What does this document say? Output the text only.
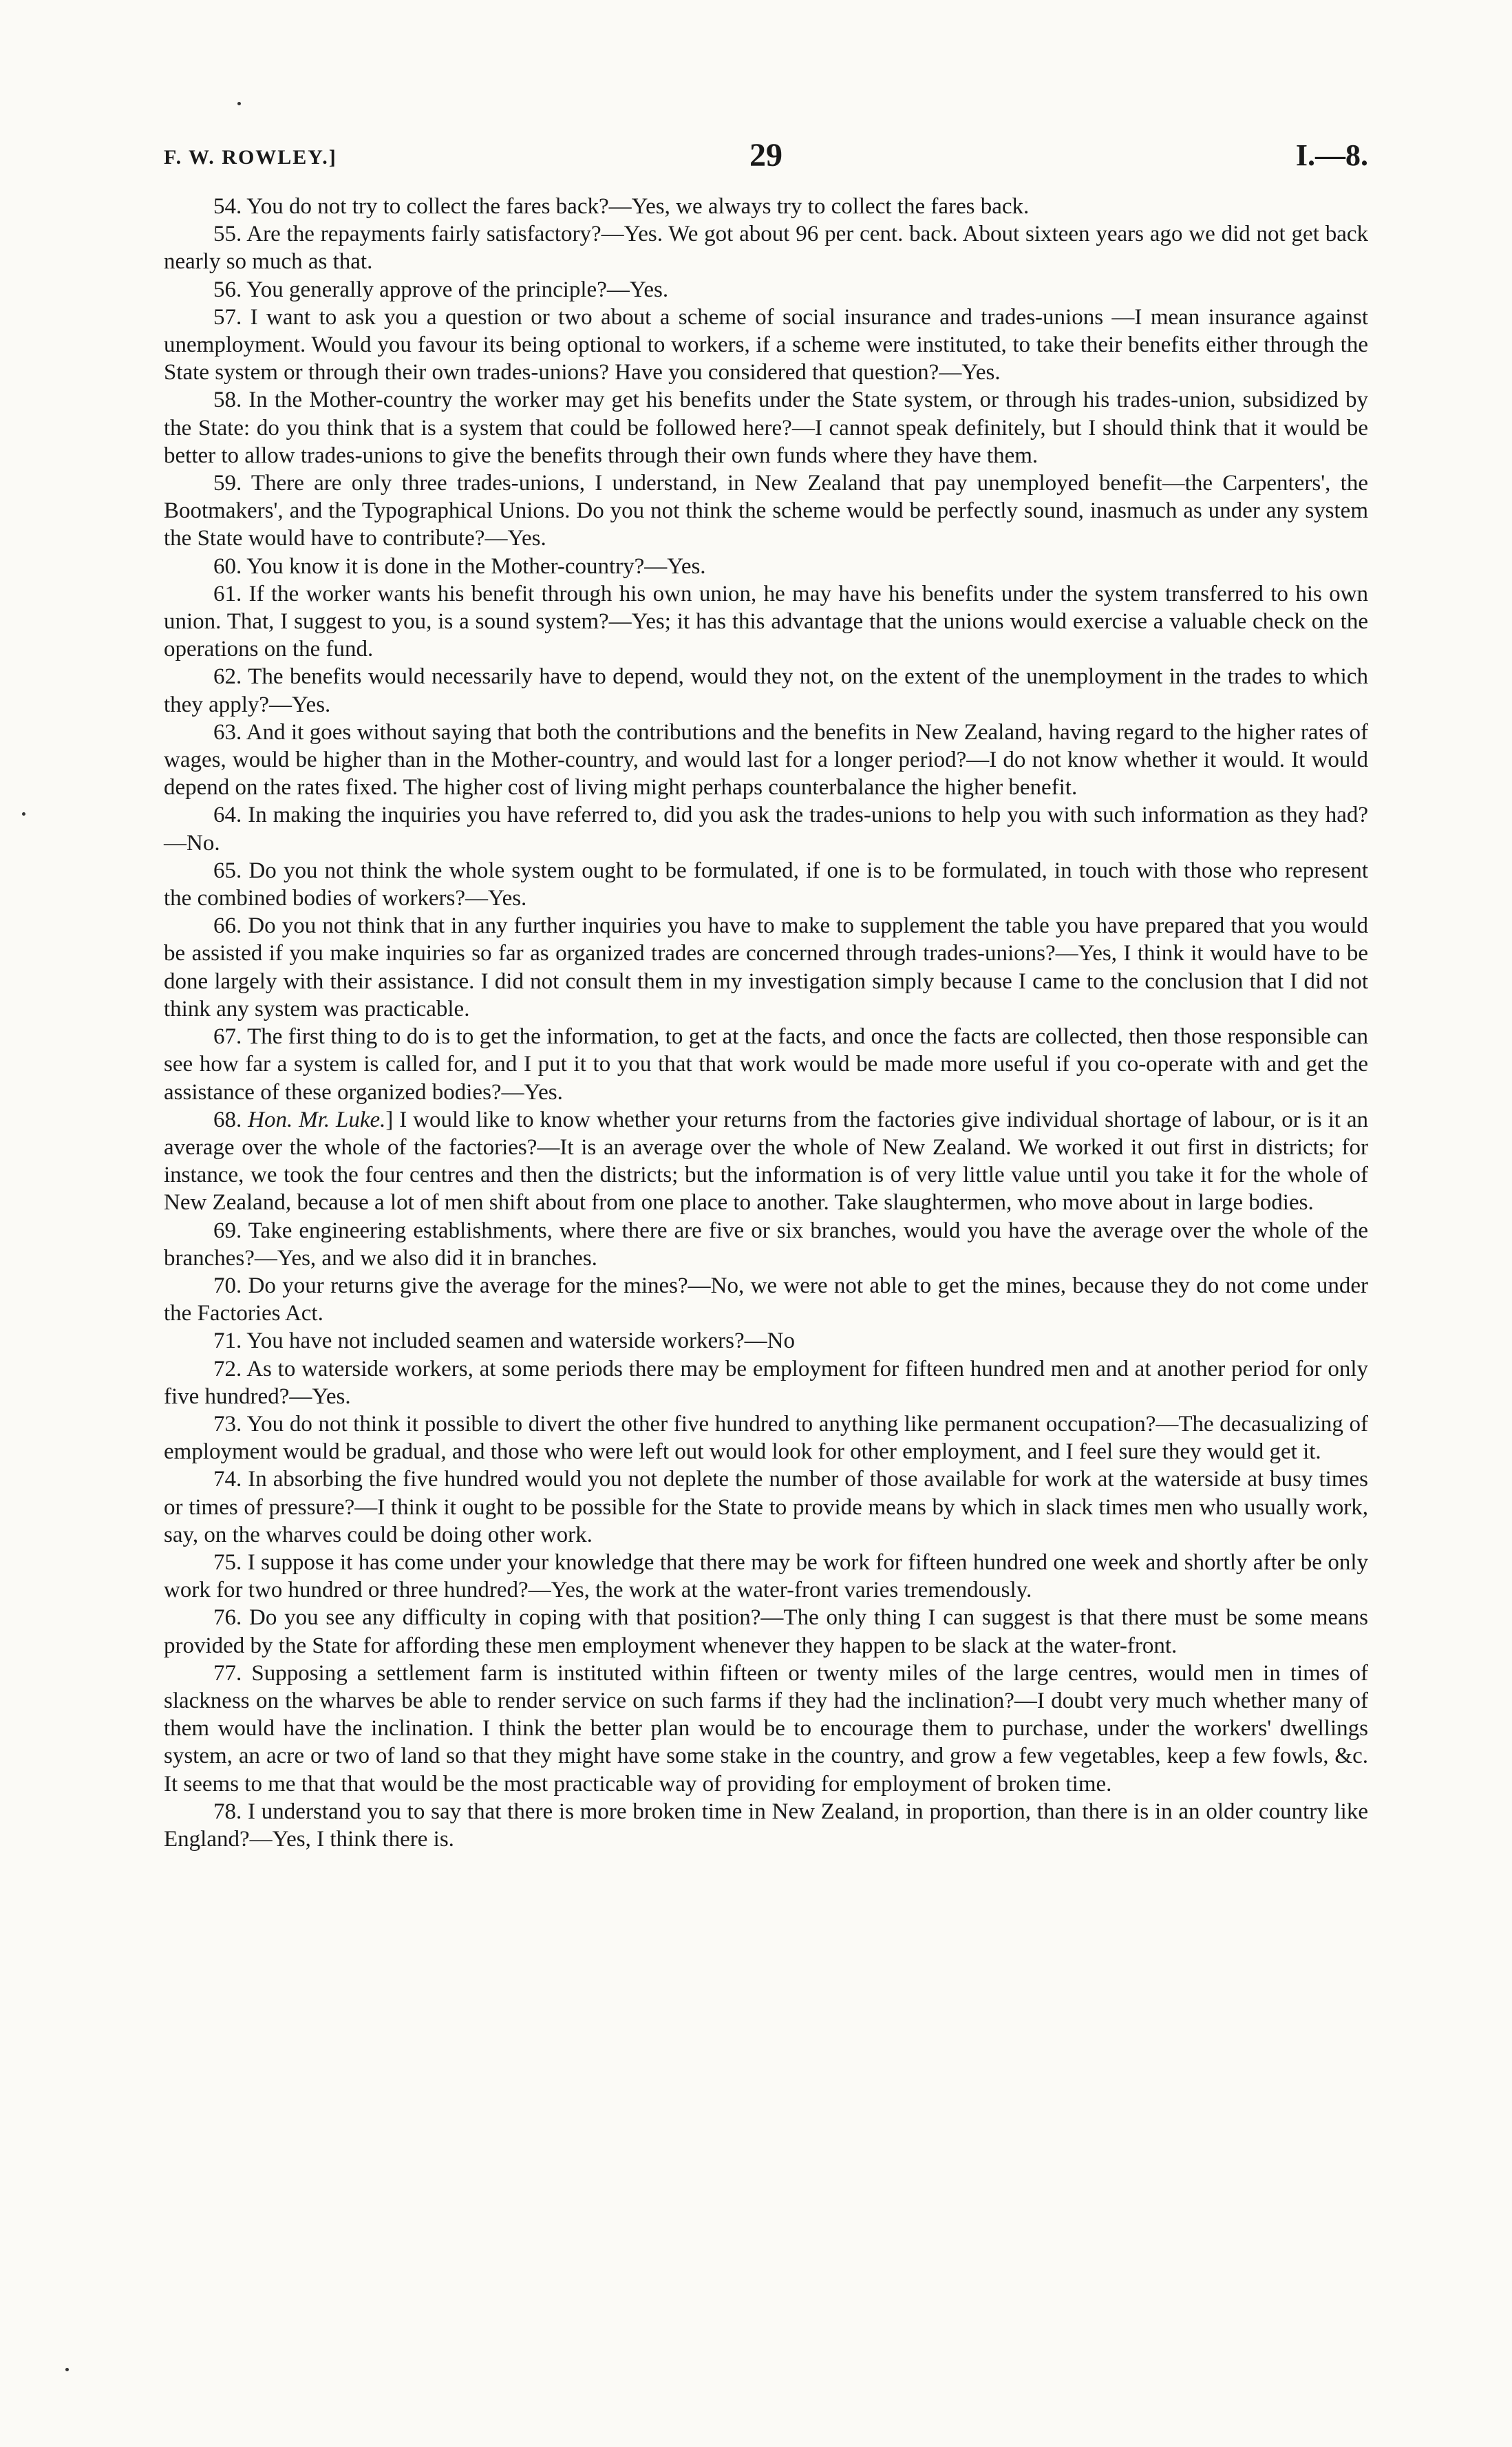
F. W. ROWLEY.]	29	I.—8.

54. You do not try to collect the fares back?—Yes, we always try to collect the fares back.

55. Are the repayments fairly satisfactory?—Yes. We got about 96 per cent. back. About sixteen years ago we did not get back nearly so much as that.

56. You generally approve of the principle?—Yes.

57. I want to ask you a question or two about a scheme of social insurance and trades-unions —I mean insurance against unemployment. Would you favour its being optional to workers, if a scheme were instituted, to take their benefits either through the State system or through their own trades-unions? Have you considered that question?—Yes.

58. In the Mother-country the worker may get his benefits under the State system, or through his trades-union, subsidized by the State: do you think that is a system that could be followed here?—I cannot speak definitely, but I should think that it would be better to allow trades-unions to give the benefits through their own funds where they have them.

59. There are only three trades-unions, I understand, in New Zealand that pay unemployed benefit—the Carpenters', the Bootmakers', and the Typographical Unions. Do you not think the scheme would be perfectly sound, inasmuch as under any system the State would have to contribute?—Yes.

60. You know it is done in the Mother-country?—Yes.

61. If the worker wants his benefit through his own union, he may have his benefits under the system transferred to his own union. That, I suggest to you, is a sound system?—Yes; it has this advantage that the unions would exercise a valuable check on the operations on the fund.

62. The benefits would necessarily have to depend, would they not, on the extent of the unemployment in the trades to which they apply?—Yes.

63. And it goes without saying that both the contributions and the benefits in New Zealand, having regard to the higher rates of wages, would be higher than in the Mother-country, and would last for a longer period?—I do not know whether it would. It would depend on the rates fixed. The higher cost of living might perhaps counterbalance the higher benefit.

64. In making the inquiries you have referred to, did you ask the trades-unions to help you with such information as they had?—No.

65. Do you not think the whole system ought to be formulated, if one is to be formulated, in touch with those who represent the combined bodies of workers?—Yes.

66. Do you not think that in any further inquiries you have to make to supplement the table you have prepared that you would be assisted if you make inquiries so far as organized trades are concerned through trades-unions?—Yes, I think it would have to be done largely with their assistance. I did not consult them in my investigation simply because I came to the conclusion that I did not think any system was practicable.

67. The first thing to do is to get the information, to get at the facts, and once the facts are collected, then those responsible can see how far a system is called for, and I put it to you that that work would be made more useful if you co-operate with and get the assistance of these organized bodies?—Yes.

68. Hon. Mr. Luke.] I would like to know whether your returns from the factories give individual shortage of labour, or is it an average over the whole of the factories?—It is an average over the whole of New Zealand. We worked it out first in districts; for instance, we took the four centres and then the districts; but the information is of very little value until you take it for the whole of New Zealand, because a lot of men shift about from one place to another. Take slaughtermen, who move about in large bodies.

69. Take engineering establishments, where there are five or six branches, would you have the average over the whole of the branches?—Yes, and we also did it in branches.

70. Do your returns give the average for the mines?—No, we were not able to get the mines, because they do not come under the Factories Act.

71. You have not included seamen and waterside workers?—No

72. As to waterside workers, at some periods there may be employment for fifteen hundred men and at another period for only five hundred?—Yes.

73. You do not think it possible to divert the other five hundred to anything like permanent occupation?—The decasualizing of employment would be gradual, and those who were left out would look for other employment, and I feel sure they would get it.

74. In absorbing the five hundred would you not deplete the number of those available for work at the waterside at busy times or times of pressure?—I think it ought to be possible for the State to provide means by which in slack times men who usually work, say, on the wharves could be doing other work.

75. I suppose it has come under your knowledge that there may be work for fifteen hundred one week and shortly after be only work for two hundred or three hundred?—Yes, the work at the water-front varies tremendously.

76. Do you see any difficulty in coping with that position?—The only thing I can suggest is that there must be some means provided by the State for affording these men employment whenever they happen to be slack at the water-front.

77. Supposing a settlement farm is instituted within fifteen or twenty miles of the large centres, would men in times of slackness on the wharves be able to render service on such farms if they had the inclination?—I doubt very much whether many of them would have the inclination. I think the better plan would be to encourage them to purchase, under the workers' dwellings system, an acre or two of land so that they might have some stake in the country, and grow a few vegetables, keep a few fowls, &c. It seems to me that that would be the most practicable way of providing for employment of broken time.

78. I understand you to say that there is more broken time in New Zealand, in proportion, than there is in an older country like England?—Yes, I think there is.
